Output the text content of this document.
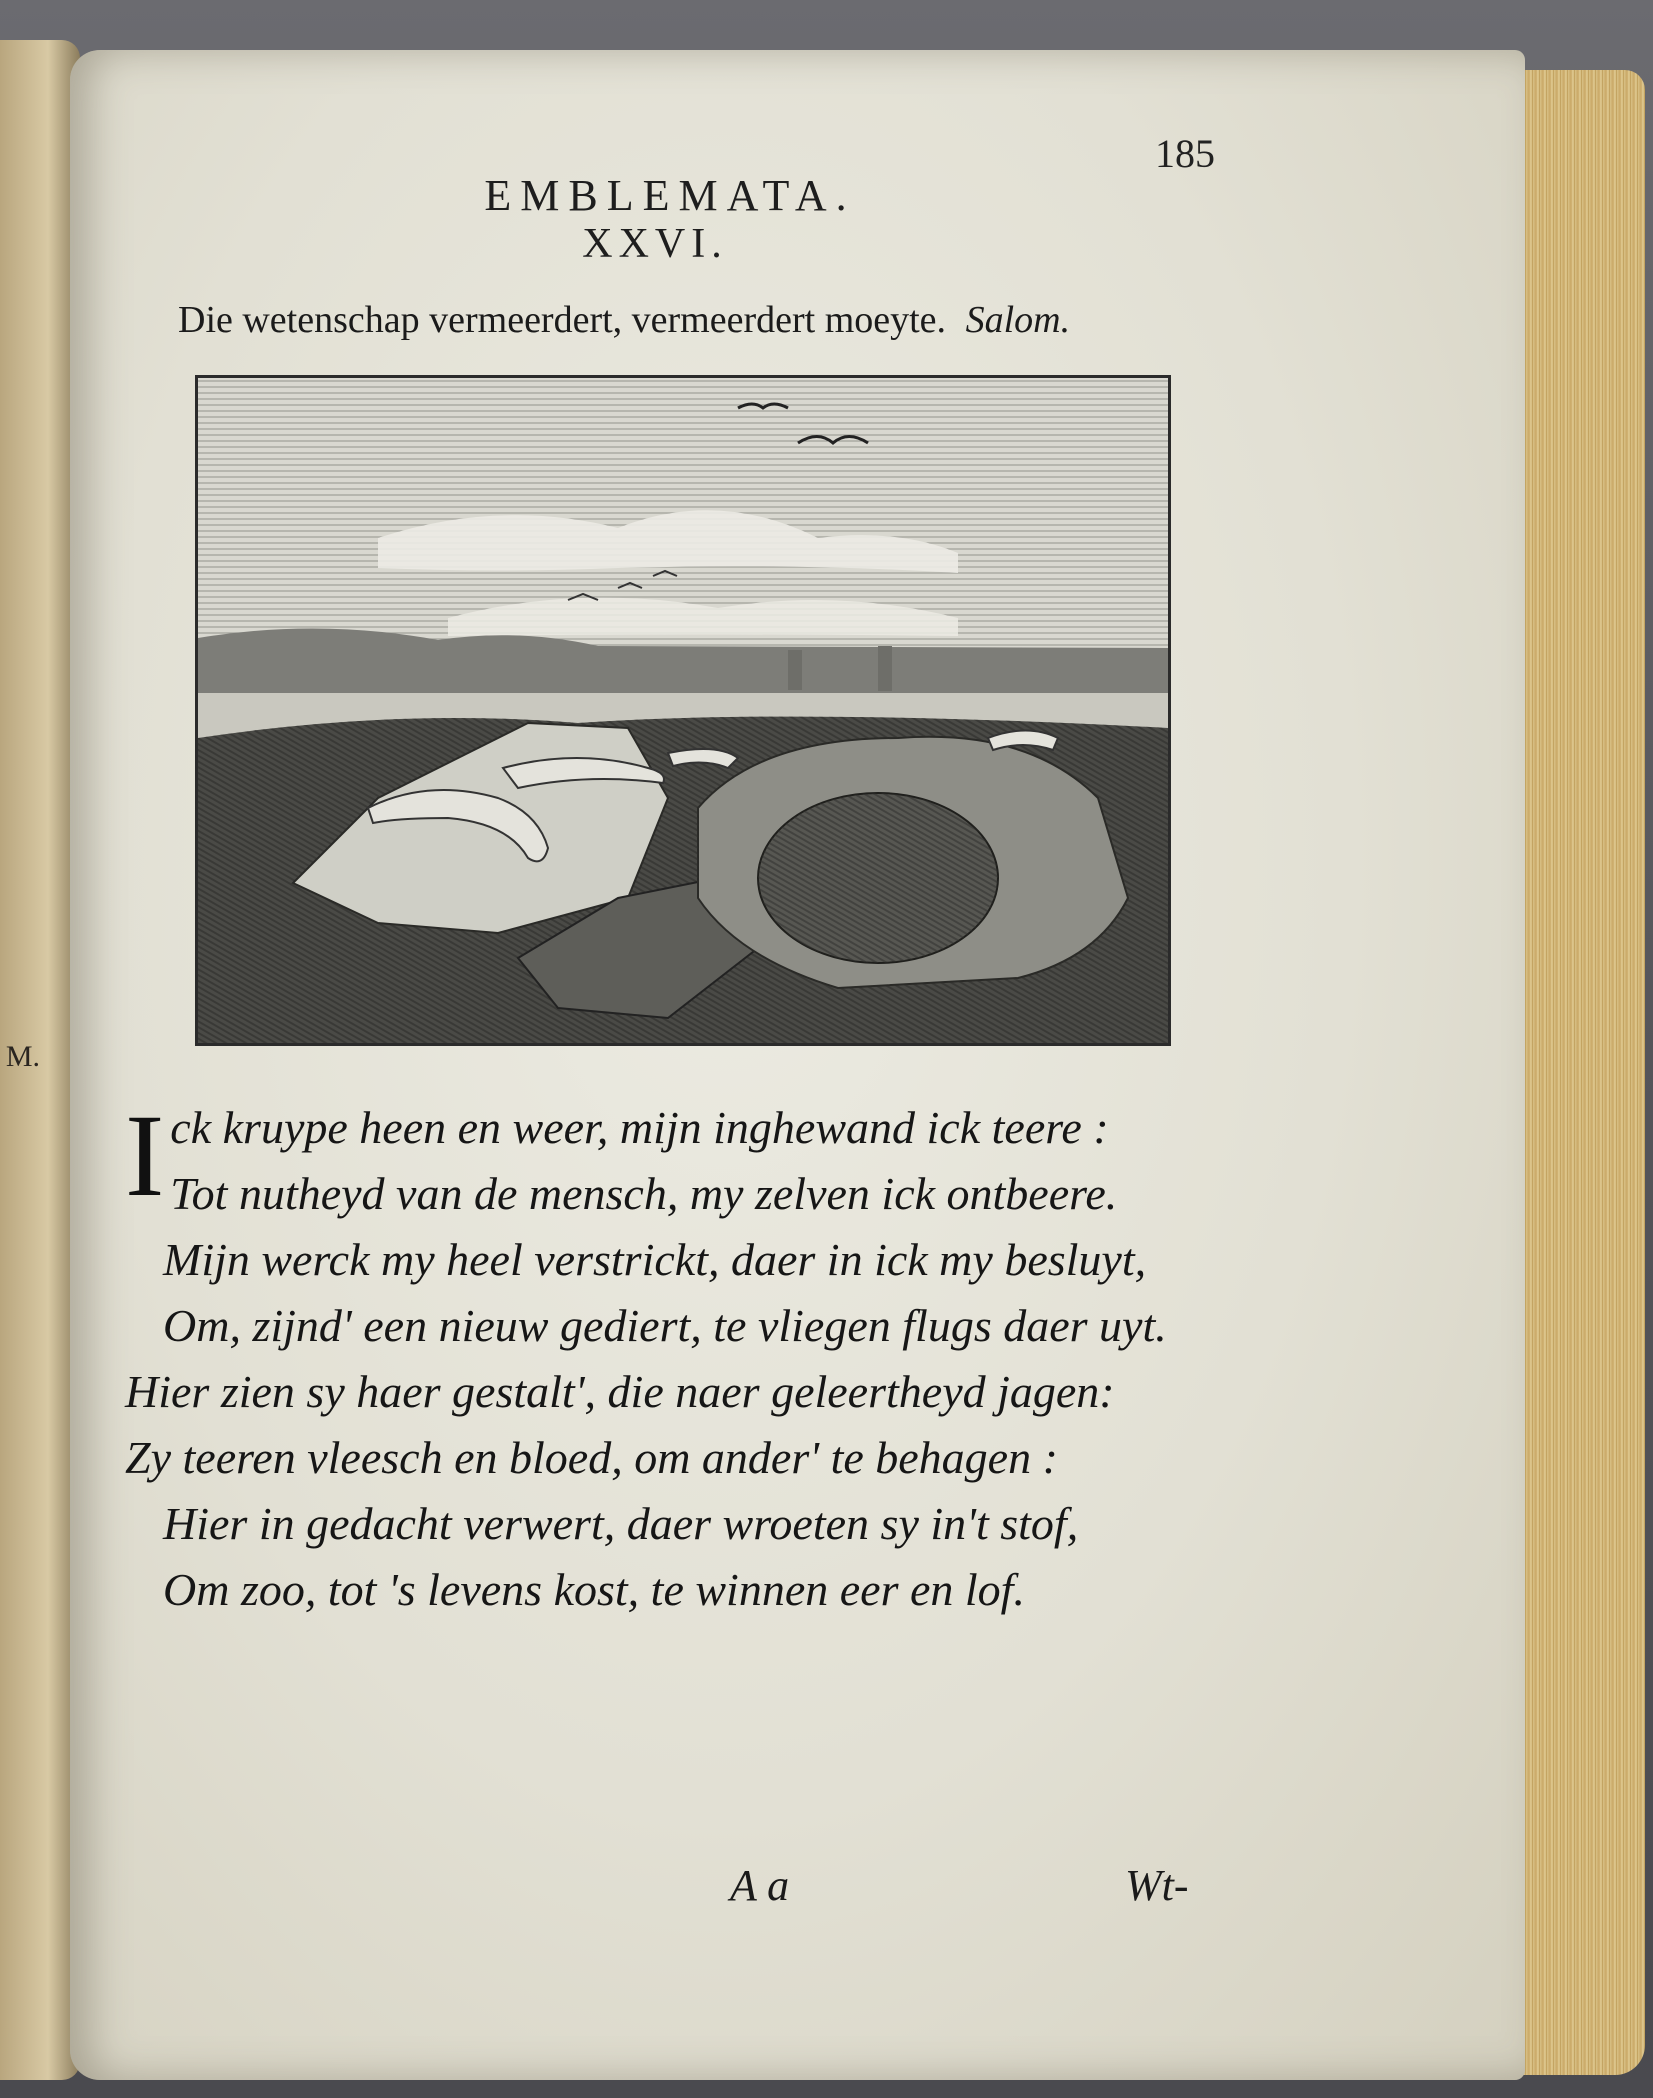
M.
185
EMBLEMATA.
XXVI.
Die wetenschap vermeerdert, vermeerdert moeyte. Salom.
I ck kruype heen en weer, mijn inghewand ick teere :
Tot nutheyd van de mensch, my zelven ick ontbeere.
Mijn werck my heel verstrickt, daer in ick my besluyt,
Om, zijnd' een nieuw gediert, te vliegen flugs daer uyt.
Hier zien sy haer gestalt', die naer geleertheyd jagen:
Zy teeren vleesch en bloed, om ander' te behagen :
Hier in gedacht verwert, daer wroeten sy in't stof,
Om zoo, tot 's levens kost, te winnen eer en lof.
A a	Wt-
